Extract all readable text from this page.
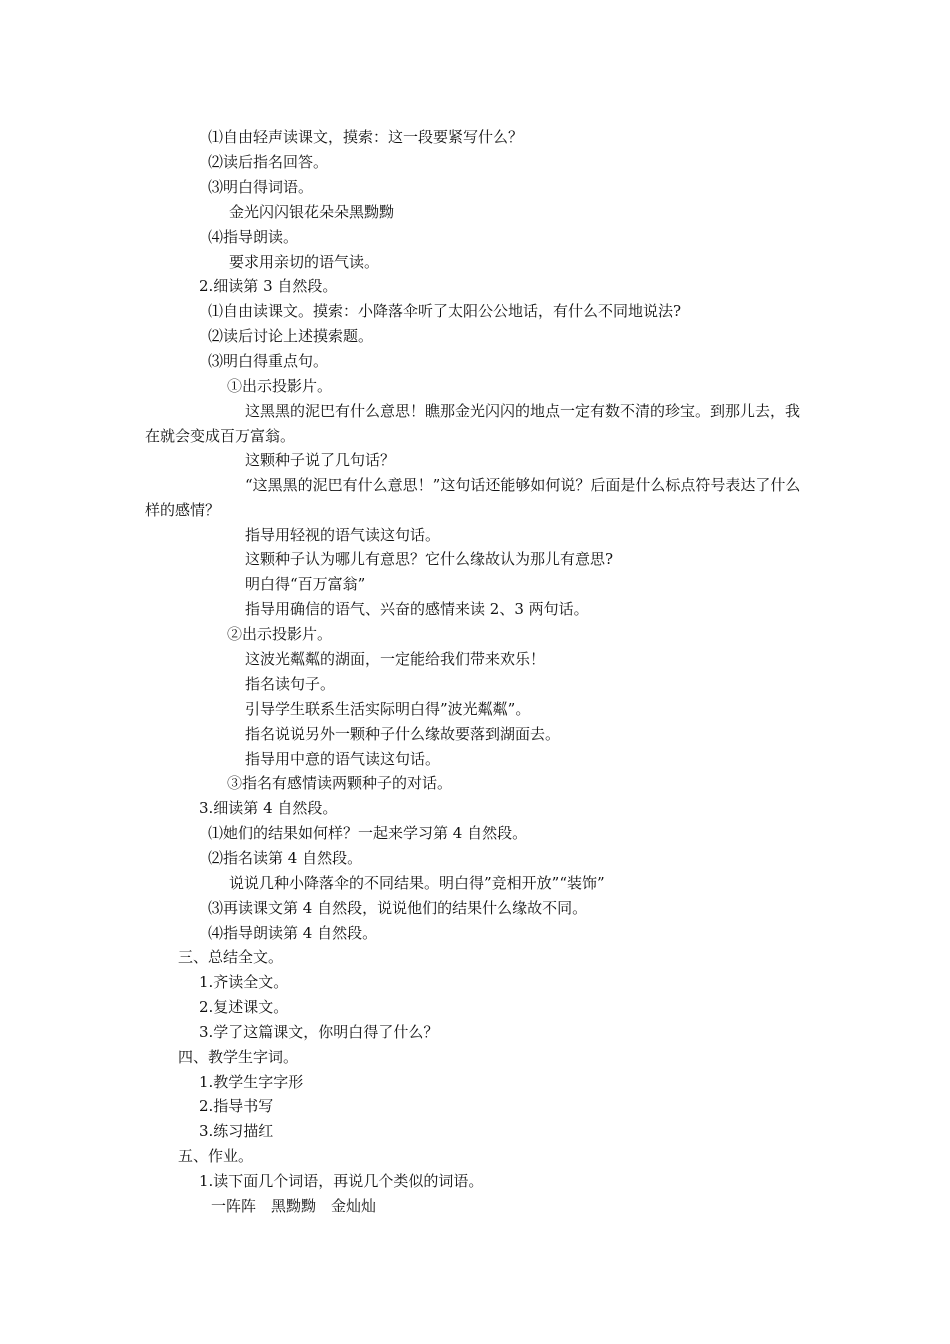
⑴自由轻声读课文，摸索：这一段要紧写什么？
⑵读后指名回答。
⑶明白得词语。
金光闪闪银花朵朵黑黝黝
⑷指导朗读。
要求用亲切的语气读。
2.细读第 3 自然段。
⑴自由读课文。摸索：小降落伞听了太阳公公地话，有什么不同地说法?
⑵读后讨论上述摸索题。
⑶明白得重点句。
①出示投影片。
这黑黑的泥巴有什么意思！瞧那金光闪闪的地点一定有数不清的珍宝。到那儿去，我在就会变成百万富翁。
这颗种子说了几句话？
“这黑黑的泥巴有什么意思！”这句话还能够如何说？后面是什么标点符号表达了什么样的感情？
指导用轻视的语气读这句话。
这颗种子认为哪儿有意思？它什么缘故认为那儿有意思?
明白得“百万富翁”
指导用确信的语气、兴奋的感情来读 2、3 两句话。
②出示投影片。
这波光粼粼的湖面，一定能给我们带来欢乐！
指名读句子。
引导学生联系生活实际明白得”波光粼粼”。
指名说说另外一颗种子什么缘故要落到湖面去。
指导用中意的语气读这句话。
③指名有感情读两颗种子的对话。
3.细读第 4 自然段。
⑴她们的结果如何样？一起来学习第 4 自然段。
⑵指名读第 4 自然段。
说说几种小降落伞的不同结果。明白得”竞相开放”“装饰”
⑶再读课文第 4 自然段，说说他们的结果什么缘故不同。
⑷指导朗读第 4 自然段。
三、总结全文。
1.齐读全文。
2.复述课文。
3.学了这篇课文，你明白得了什么？
四、教学生字词。
1.教学生字字形
2.指导书写
3.练习描红
五、作业。
1.读下面几个词语，再说几个类似的词语。
一阵阵　黑黝黝　金灿灿
